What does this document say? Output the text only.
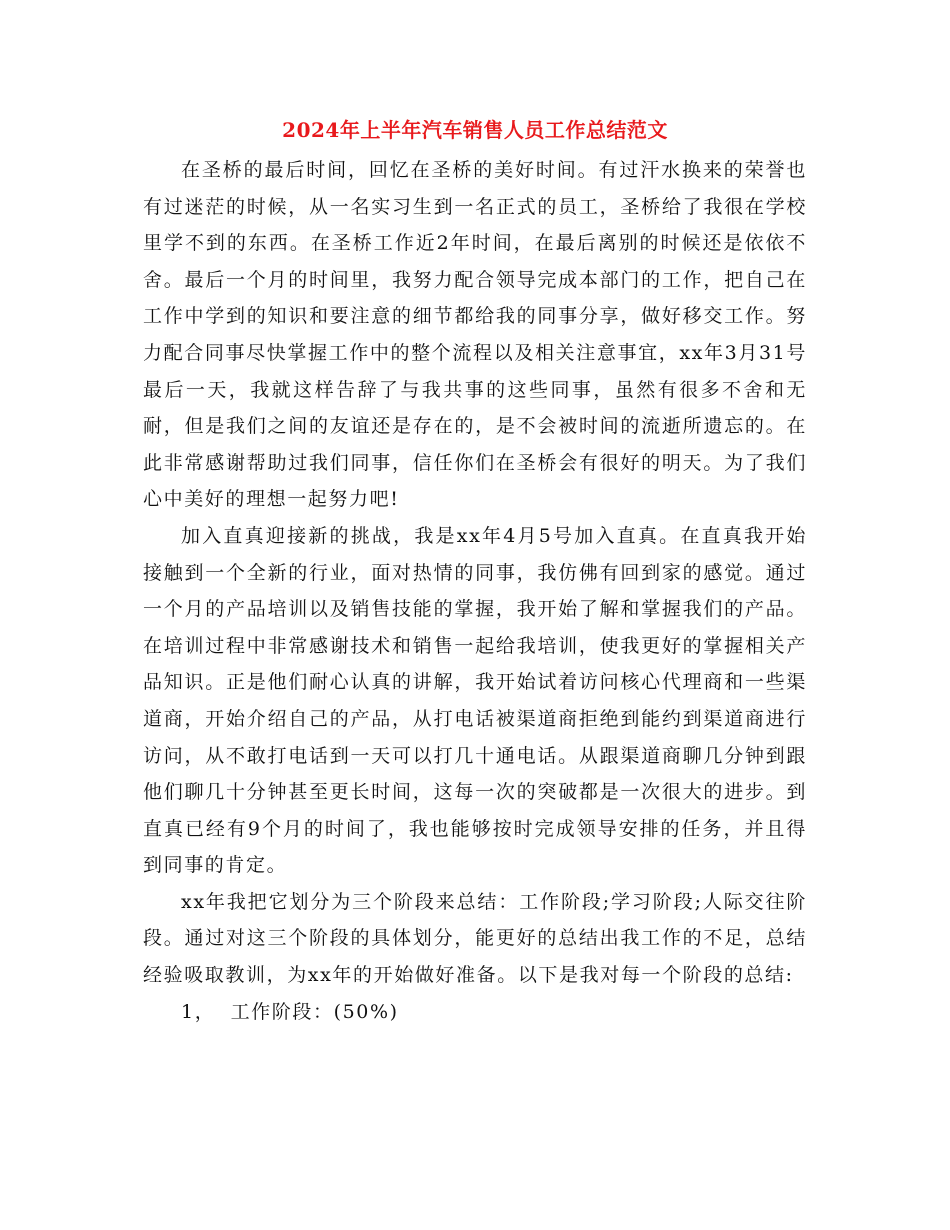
2024年上半年汽车销售人员工作总结范文

在圣桥的最后时间，回忆在圣桥的美好时间。有过汗水换来的荣誉也有过迷茫的时候，从一名实习生到一名正式的员工，圣桥给了我很在学校里学不到的东西。在圣桥工作近2年时间，在最后离别的时候还是依依不舍。最后一个月的时间里，我努力配合领导完成本部门的工作，把自己在工作中学到的知识和要注意的细节都给我的同事分享，做好移交工作。努力配合同事尽快掌握工作中的整个流程以及相关注意事宜，xx年3月31号最后一天，我就这样告辞了与我共事的这些同事，虽然有很多不舍和无耐，但是我们之间的友谊还是存在的，是不会被时间的流逝所遗忘的。在此非常感谢帮助过我们同事，信任你们在圣桥会有很好的明天。为了我们心中美好的理想一起努力吧!

加入直真迎接新的挑战，我是xx年4月5号加入直真。在直真我开始接触到一个全新的行业，面对热情的同事，我仿佛有回到家的感觉。通过一个月的产品培训以及销售技能的掌握，我开始了解和掌握我们的产品。在培训过程中非常感谢技术和销售一起给我培训，使我更好的掌握相关产品知识。正是他们耐心认真的讲解，我开始试着访问核心代理商和一些渠道商，开始介绍自己的产品，从打电话被渠道商拒绝到能约到渠道商进行访问，从不敢打电话到一天可以打几十通电话。从跟渠道商聊几分钟到跟他们聊几十分钟甚至更长时间，这每一次的突破都是一次很大的进步。到直真已经有9个月的时间了，我也能够按时完成领导安排的任务，并且得到同事的肯定。

xx年我把它划分为三个阶段来总结：工作阶段;学习阶段;人际交往阶段。通过对这三个阶段的具体划分，能更好的总结出我工作的不足，总结经验吸取教训，为xx年的开始做好准备。以下是我对每一个阶段的总结:

1，  工作阶段：(50%)
